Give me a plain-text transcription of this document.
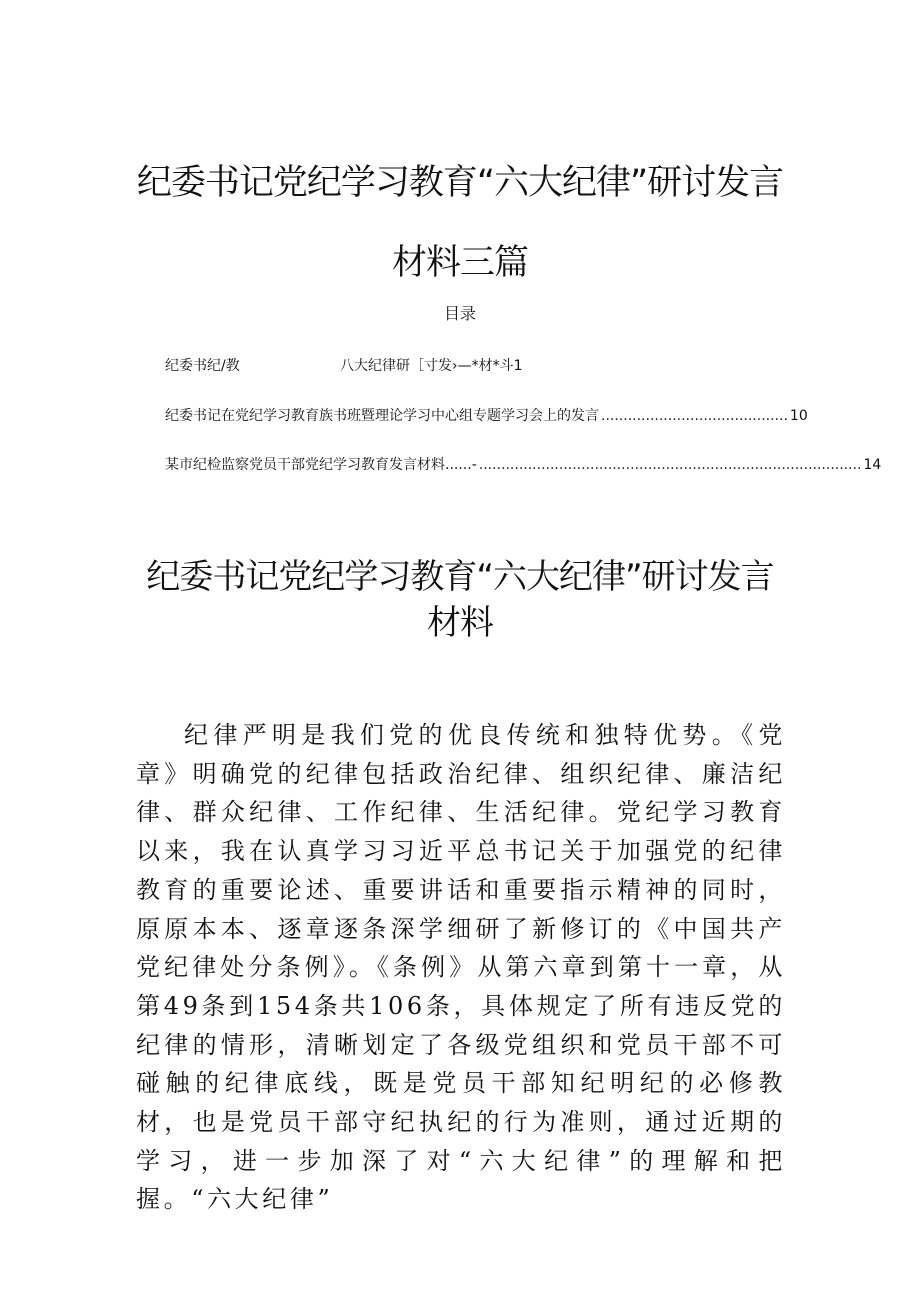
纪委书记党纪学习教育“六大纪律”研讨发言
材料三篇
目录
纪委书纪/教	八大纪律研［寸发›—*材*斗1
纪委书记在党纪学习教育族书班暨理论学习中心组专题学习会上的发言 .......................................... 10
某市纪检监察党员干部党纪学习教育发言材料......- ...................................................................................... 14
纪委书记党纪学习教育“六大纪律”研讨发言
材料

纪律严明是我们党的优良传统和独特优势。《党章》明确党的纪律包括政治纪律、组织纪律、廉洁纪律、群众纪律、工作纪律、生活纪律。党纪学习教育以来，我在认真学习习近平总书记关于加强党的纪律教育的重要论述、重要讲话和重要指示精神的同时，原原本本、逐章逐条深学细研了新修订的《中国共产党纪律处分条例》。《条例》从第六章到第十一章，从第49条到154条共106条，具体规定了所有违反党的纪律的情形，清晰划定了各级党组织和党员干部不可碰触的纪律底线，既是党员干部知纪明纪的必修教材，也是党员干部守纪执纪的行为准则，通过近期的学习，进一步加深了对“六大纪律”的理解和把握。“六大纪律”
